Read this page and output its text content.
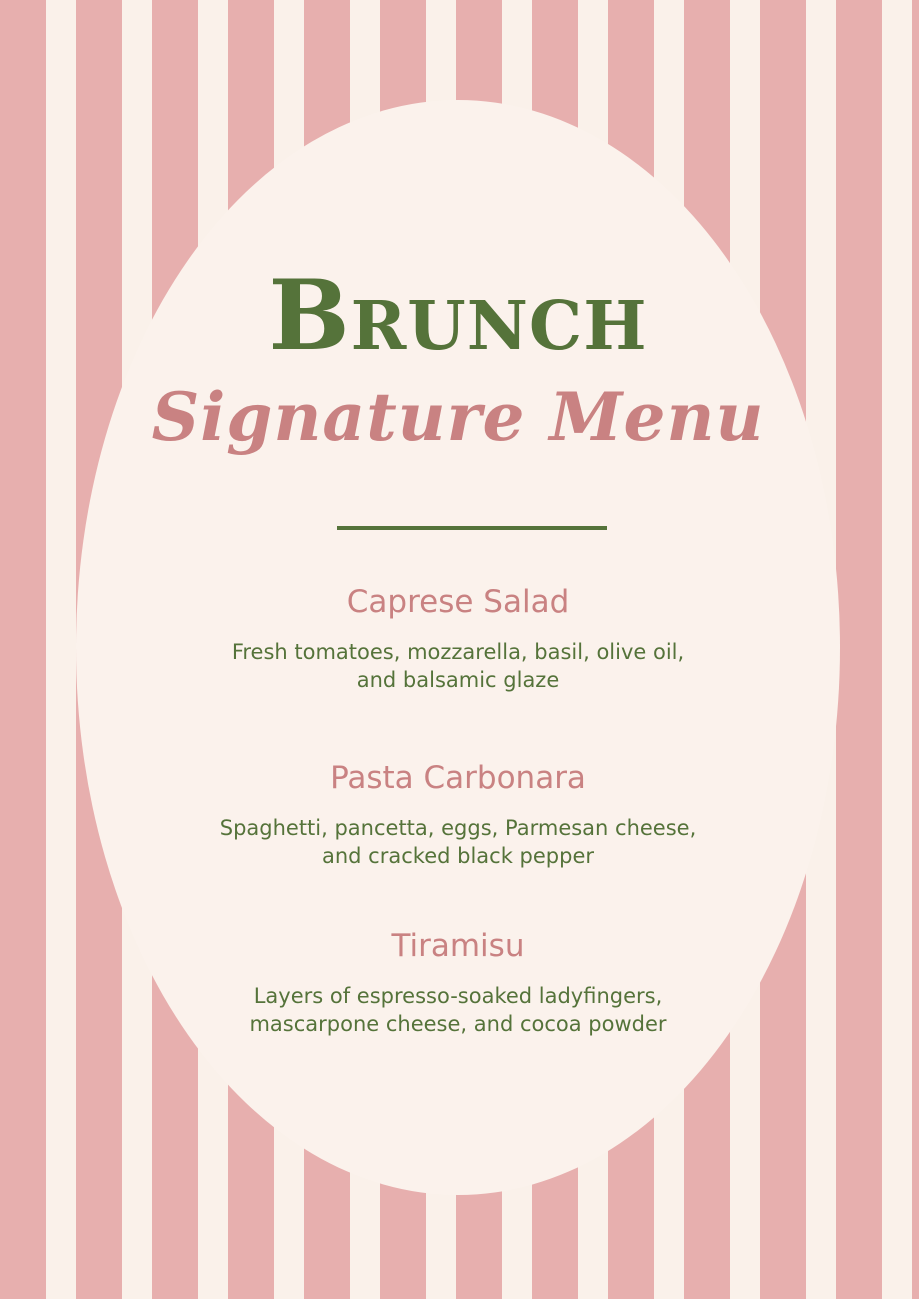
Brunch
Signature Menu

Caprese Salad

Fresh tomatoes, mozzarella, basil, olive oil,
and balsamic glaze

Pasta Carbonara

Spaghetti, pancetta, eggs, Parmesan cheese,
and cracked black pepper

Tiramisu

Layers of espresso-soaked ladyfingers,
mascarpone cheese, and cocoa powder
